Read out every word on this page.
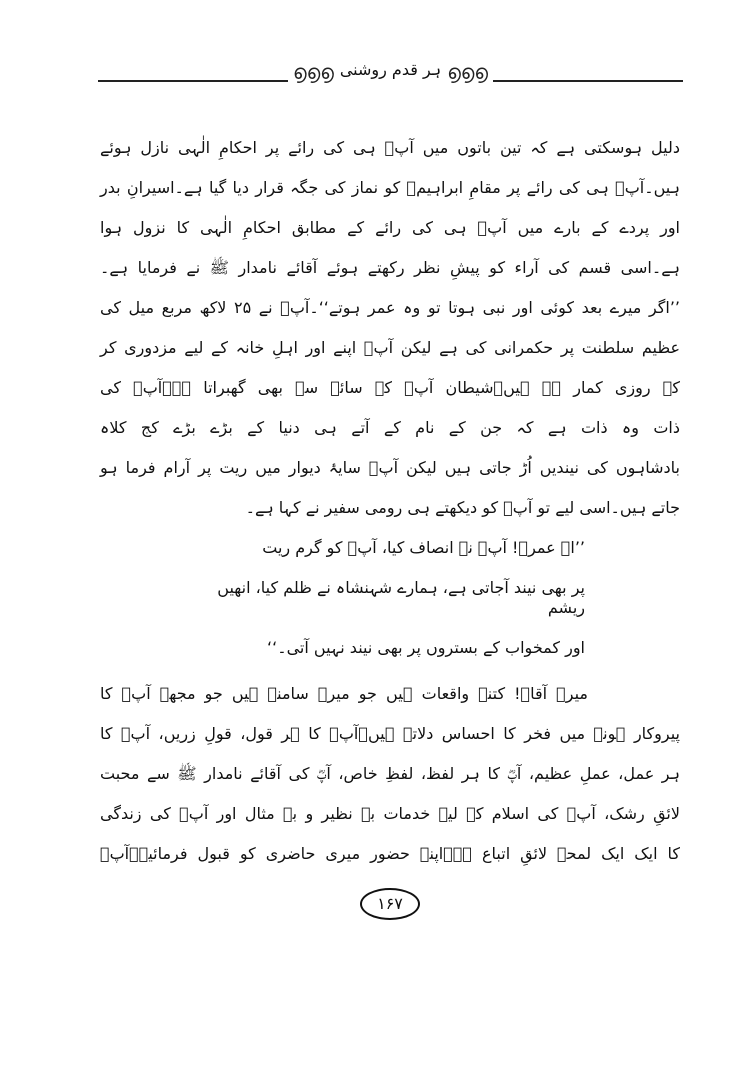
൭൭൭	൭൭൭
ہر قدم روشنی
دلیل ہوسکتی ہے کہ تین باتوں میں آپؓ ہی کی رائے پر احکامِ الٰہی نازل ہوئے
ہیں۔آپؓ ہی کی رائے پر مقامِ ابراہیمؑ کو نماز کی جگہ قرار دیا گیا ہے۔اسیرانِ بدر
اور پردے کے بارے میں آپؓ ہی کی رائے کے مطابق احکامِ الٰہی کا نزول ہوا
ہے۔اسی قسم کی آراء کو پیشِ نظر رکھتے ہوئے آقائے نامدار ﷺ نے فرمایا ہے۔
’’اگر میرے بعد کوئی اور نبی ہوتا تو وہ عمر ہوتے‘‘۔آپؓ نے ۲۵ لاکھ مربع میل کی
عظیم سلطنت پر حکمرانی کی ہے لیکن آپؓ اپنے اور اہلِ خانہ کے لیے مزدوری کر
کے روزی کمار ہے ہیں۔شیطان آپؓ کے سائے سے بھی گھبراتا ہے۔آپؓ کی
ذات وہ ذات ہے کہ جن کے نام کے آتے ہی دنیا کے بڑے بڑے کج کلاہ
بادشاہوں کی نیندیں اُڑ جاتی ہیں لیکن آپؓ سایۂ دیوار میں ریت پر آرام فرما ہو
جاتے ہیں۔اسی لیے تو آپؓ کو دیکھتے ہی رومی سفیر نے کہا ہے۔
’’اے عمرؓ! آپؓ نے انصاف کیا، آپؓ کو گرم ریت
پر بھی نیند آجاتی ہے، ہمارے شہنشاہ نے ظلم کیا، انھیں ریشم
اور کمخواب کے بستروں پر بھی نیند نہیں آتی۔‘‘
میرے آقاؓ! کتنے واقعات ہیں جو میرے سامنے ہیں جو مجھے آپؓ کا
پیروکار ہونے میں فخر کا احساس دلاتے ہیں۔آپؓ کا ہر قول، قولِ زریں، آپؓ کا
ہر عمل، عملِ عظیم، آپؓ کا ہر لفظ، لفظِ خاص، آپؓ کی آقائے نامدار ﷺ سے محبت
لائقِ رشک، آپؓ کی اسلام کے لیے خدمات بے نظیر و بے مثال اور آپؓ کی زندگی
کا ایک ایک لمحہ لائقِ اتباع ہے۔اپنے حضور میری حاضری کو قبول فرمائیے۔آپؓ
۱۶۷
